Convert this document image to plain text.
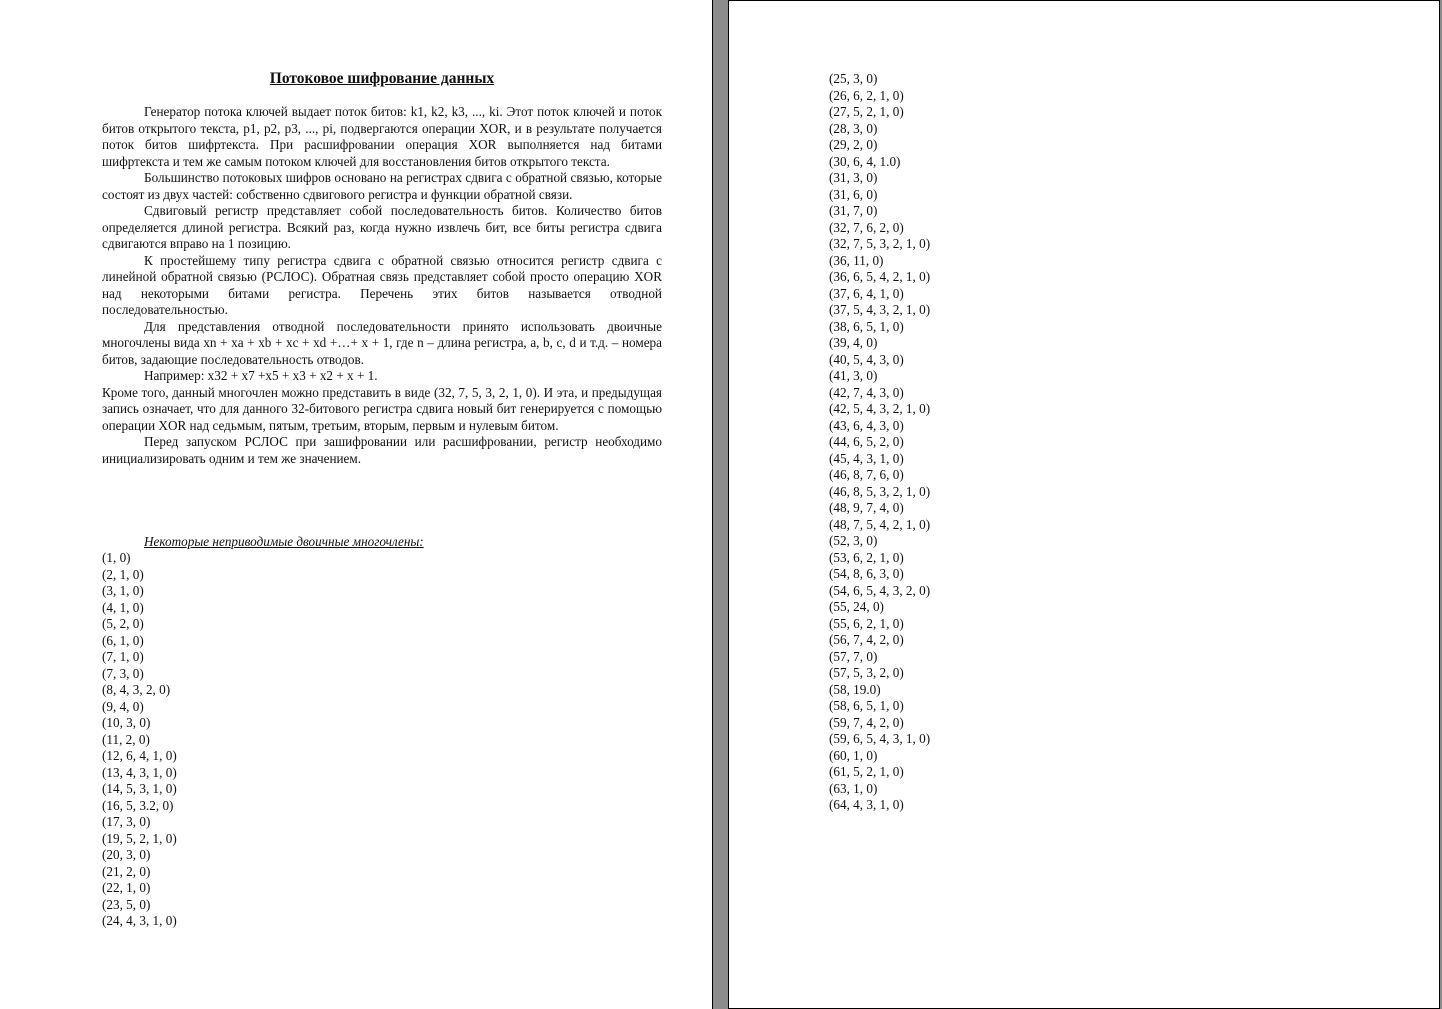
Потоковое шифрование данных

Генератор потока ключей выдает поток битов: k1, k2, k3, ..., ki. Этот поток ключей и поток битов открытого текста, p1, p2, p3, ..., pi, подвергаются операции XOR, и в результате получается поток битов шифртекста. При расшифровании операция XOR выполняется над битами шифртекста и тем же самым потоком ключей для восстановления битов открытого текста.

Большинство потоковых шифров основано на регистрах сдвига с обратной связью, которые состоят из двух частей: собственно сдвигового регистра и функции обратной связи.

Сдвиговый регистр представляет собой последовательность битов. Количество битов определяется длиной регистра. Всякий раз, когда нужно извлечь бит, все биты регистра сдвига сдвигаются вправо на 1 позицию.

К простейшему типу регистра сдвига с обратной связью относится регистр сдвига с линейной обратной связью (РСЛОС). Обратная связь представляет собой просто операцию XOR над некоторыми битами регистра. Перечень этих битов называется отводной последовательностью.

Для представления отводной последовательности принято использовать двоичные многочлены вида xn + xa + xb + xc + xd +…+ x + 1, где n – длина регистра, a, b, c, d и т.д. – номера битов, задающие последовательность отводов.

Например: x32 + x7 +x5 + x3 + x2 + x + 1.

Кроме того, данный многочлен можно представить в виде (32, 7, 5, 3, 2, 1, 0). И эта, и предыдущая запись означает, что для данного 32-битового регистра сдвига новый бит генерируется с помощью операции XOR над седьмым, пятым, третьим, вторым, первым и нулевым битом.

Перед запуском РСЛОС при зашифровании или расшифровании, регистр необходимо инициализировать одним и тем же значением.

Некоторые неприводимые двоичные многочлены:
(1, 0)
(2, 1, 0)
(3, 1, 0)
(4, 1, 0)
(5, 2, 0)
(6, 1, 0)
(7, 1, 0)
(7, 3, 0)
(8, 4, 3, 2, 0)
(9, 4, 0)
(10, 3, 0)
(11, 2, 0)
(12, 6, 4, 1, 0)
(13, 4, 3, 1, 0)
(14, 5, 3, 1, 0)
(16, 5, 3.2, 0)
(17, 3, 0)
(19, 5, 2, 1, 0)
(20, 3, 0)
(21, 2, 0)
(22, 1, 0)
(23, 5, 0)
(24, 4, 3, 1, 0)
(25, 3, 0)
(26, 6, 2, 1, 0)
(27, 5, 2, 1, 0)
(28, 3, 0)
(29, 2, 0)
(30, 6, 4, 1.0)
(31, 3, 0)
(31, 6, 0)
(31, 7, 0)
(32, 7, 6, 2, 0)
(32, 7, 5, 3, 2, 1, 0)
(36, 11, 0)
(36, 6, 5, 4, 2, 1, 0)
(37, 6, 4, 1, 0)
(37, 5, 4, 3, 2, 1, 0)
(38, 6, 5, 1, 0)
(39, 4, 0)
(40, 5, 4, 3, 0)
(41, 3, 0)
(42, 7, 4, 3, 0)
(42, 5, 4, 3, 2, 1, 0)
(43, 6, 4, 3, 0)
(44, 6, 5, 2, 0)
(45, 4, 3, 1, 0)
(46, 8, 7, 6, 0)
(46, 8, 5, 3, 2, 1, 0)
(48, 9, 7, 4, 0)
(48, 7, 5, 4, 2, 1, 0)
(52, 3, 0)
(53, 6, 2, 1, 0)
(54, 8, 6, 3, 0)
(54, 6, 5, 4, 3, 2, 0)
(55, 24, 0)
(55, 6, 2, 1, 0)
(56, 7, 4, 2, 0)
(57, 7, 0)
(57, 5, 3, 2, 0)
(58, 19.0)
(58, 6, 5, 1, 0)
(59, 7, 4, 2, 0)
(59, 6, 5, 4, 3, 1, 0)
(60, 1, 0)
(61, 5, 2, 1, 0)
(63, 1, 0)
(64, 4, 3, 1, 0)
